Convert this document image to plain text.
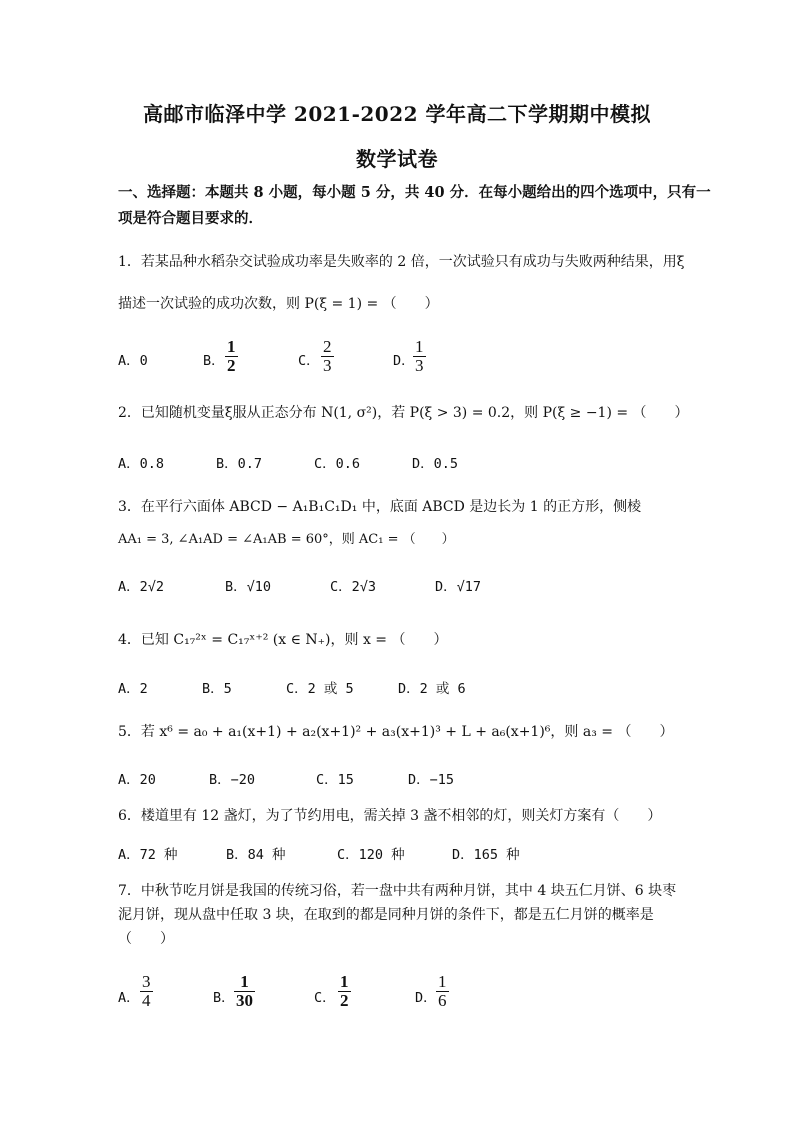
高邮市临泽中学 2021-2022 学年高二下学期期中模拟
数学试卷
一、选择题：本题共 8 小题，每小题 5 分，共 40 分．在每小题给出的四个选项中，只有一
项是符合题目要求的．
1．若某品种水稻杂交试验成功率是失败率的 2 倍，一次试验只有成功与失败两种结果，用ξ
描述一次试验的成功次数，则 P(ξ = 1) = （　　）
A．0	B． $\frac{1}{2}$	C． $\frac{2}{3}$	D．
$\frac{1}{3}$
2．已知随机变量ξ服从正态分布 N(1, σ²)，若 P(ξ > 3) = 0.2，则 P(ξ ≥ −1) = （　　）
A．0.8	B．0.7	C．0.6	D．0.5
3．在平行六面体 ABCD − A₁B₁C₁D₁ 中，底面 ABCD 是边长为 1 的正方形，侧棱
AA₁ = 3, ∠A₁AD = ∠A₁AB = 60°，则 AC₁ = （　　）
A．2√2	B．√10	C．2√3	D．√17
4．已知 C₁₇²ˣ = C₁₇ˣ⁺² (x ∈ N₊)，则 x = （　　）
A．2	B．5	C．2 或 5	D．2 或 6
5．若 x⁶ = a₀ + a₁(x+1) + a₂(x+1)² + a₃(x+1)³ + L + a₆(x+1)⁶，则 a₃ = （　　）
A．20	B．−20	C．15	D．−15
6．楼道里有 12 盏灯，为了节约用电，需关掉 3 盏不相邻的灯，则关灯方案有（　　）
A．72 种	B．84 种	C．120 种	D．165 种
7．中秋节吃月饼是我国的传统习俗，若一盘中共有两种月饼，其中 4 块五仁月饼、6 块枣
泥月饼，现从盘中任取 3 块，在取到的都是同种月饼的条件下，都是五仁月饼的概率是
（　　）
A． $\frac{3}{4}$	B． $\frac{1}{30}$	C． $\frac{1}{2}$	D． $\frac{1}{6}$
